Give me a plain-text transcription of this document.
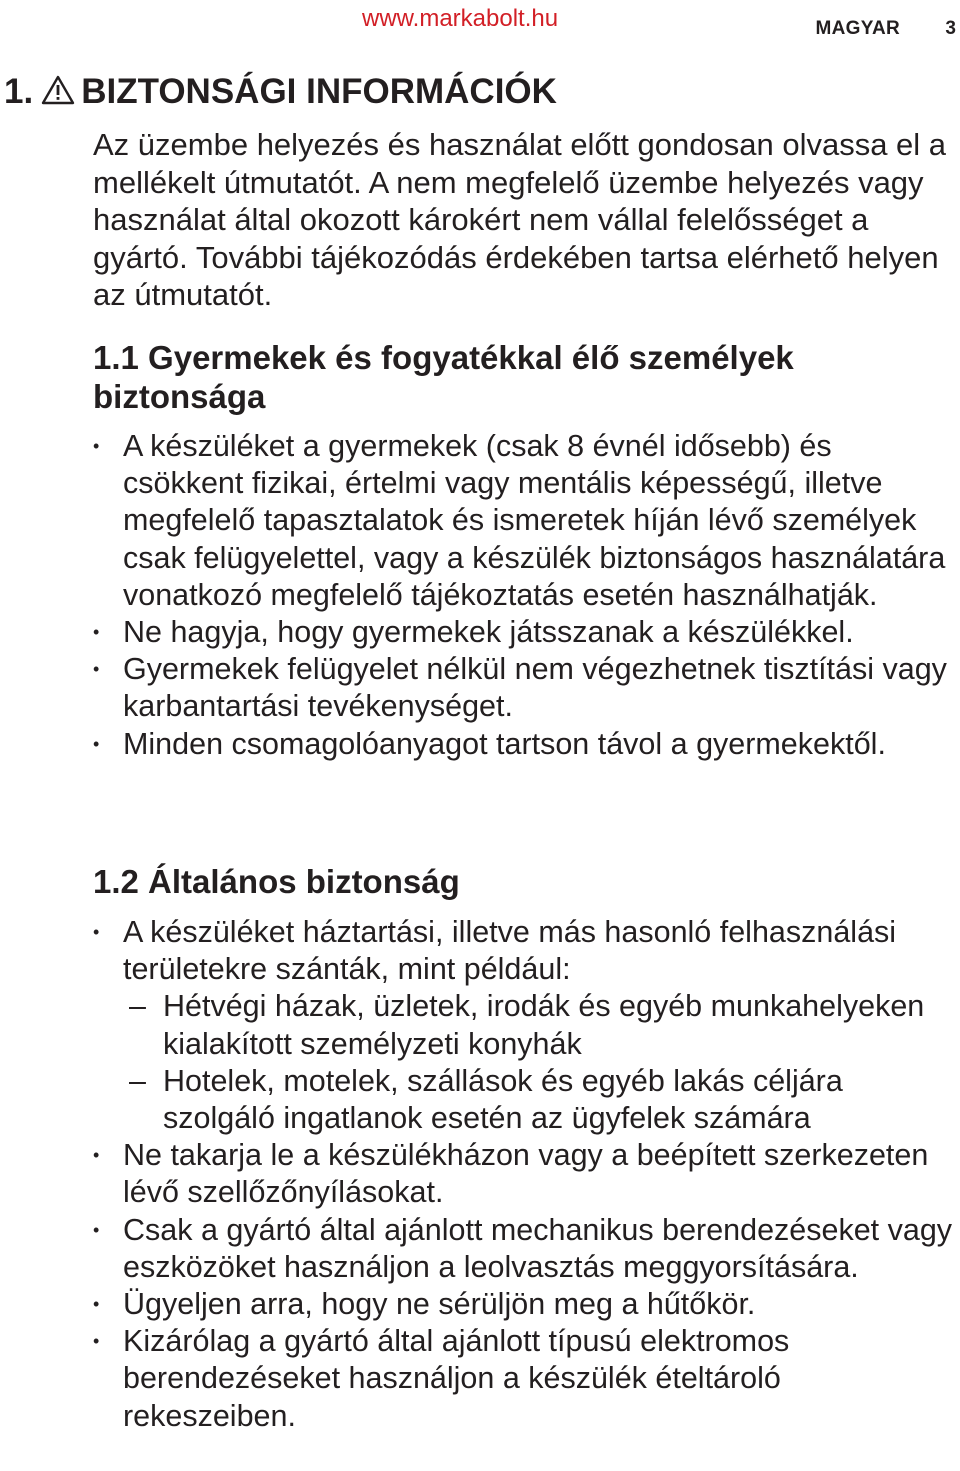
www.markabolt.hu	MAGYAR 3
1. BIZTONSÁGI INFORMÁCIÓK

Az üzembe helyezés és használat előtt gondosan olvassa el a mellékelt útmutatót. A nem megfelelő üzembe helyezés vagy használat által okozott károkért nem vállal felelősséget a gyártó. További tájékozódás érdekében tartsa elérhető helyen az útmutatót.

1.1 Gyermekek és fogyatékkal élő személyek biztonsága
• A készüléket a gyermekek (csak 8 évnél idősebb) és csökkent fizikai, értelmi vagy mentális képességű, illetve megfelelő tapasztalatok és ismeretek híján lévő személyek csak felügyelettel, vagy a készülék biztonságos használatára vonatkozó megfelelő tájékoztatás esetén használhatják.
• Ne hagyja, hogy gyermekek játsszanak a készülékkel.
• Gyermekek felügyelet nélkül nem végezhetnek tisztítási vagy karbantartási tevékenységet.
• Minden csomagolóanyagot tartson távol a gyermekektől.
1.2 Általános biztonság
• A készüléket háztartási, illetve más hasonló felhasználási területekre szánták, mint például:
– Hétvégi házak, üzletek, irodák és egyéb munkahelyeken kialakított személyzeti konyhák
– Hotelek, motelek, szállások és egyéb lakás céljára szolgáló ingatlanok esetén az ügyfelek számára
• Ne takarja le a készülékházon vagy a beépített szerkezeten lévő szellőzőnyílásokat.
• Csak a gyártó által ajánlott mechanikus berendezéseket vagy eszközöket használjon a leolvasztás meggyorsítására.
• Ügyeljen arra, hogy ne sérüljön meg a hűtőkör.
• Kizárólag a gyártó által ajánlott típusú elektromos berendezéseket használjon a készülék ételtároló rekeszeiben.
